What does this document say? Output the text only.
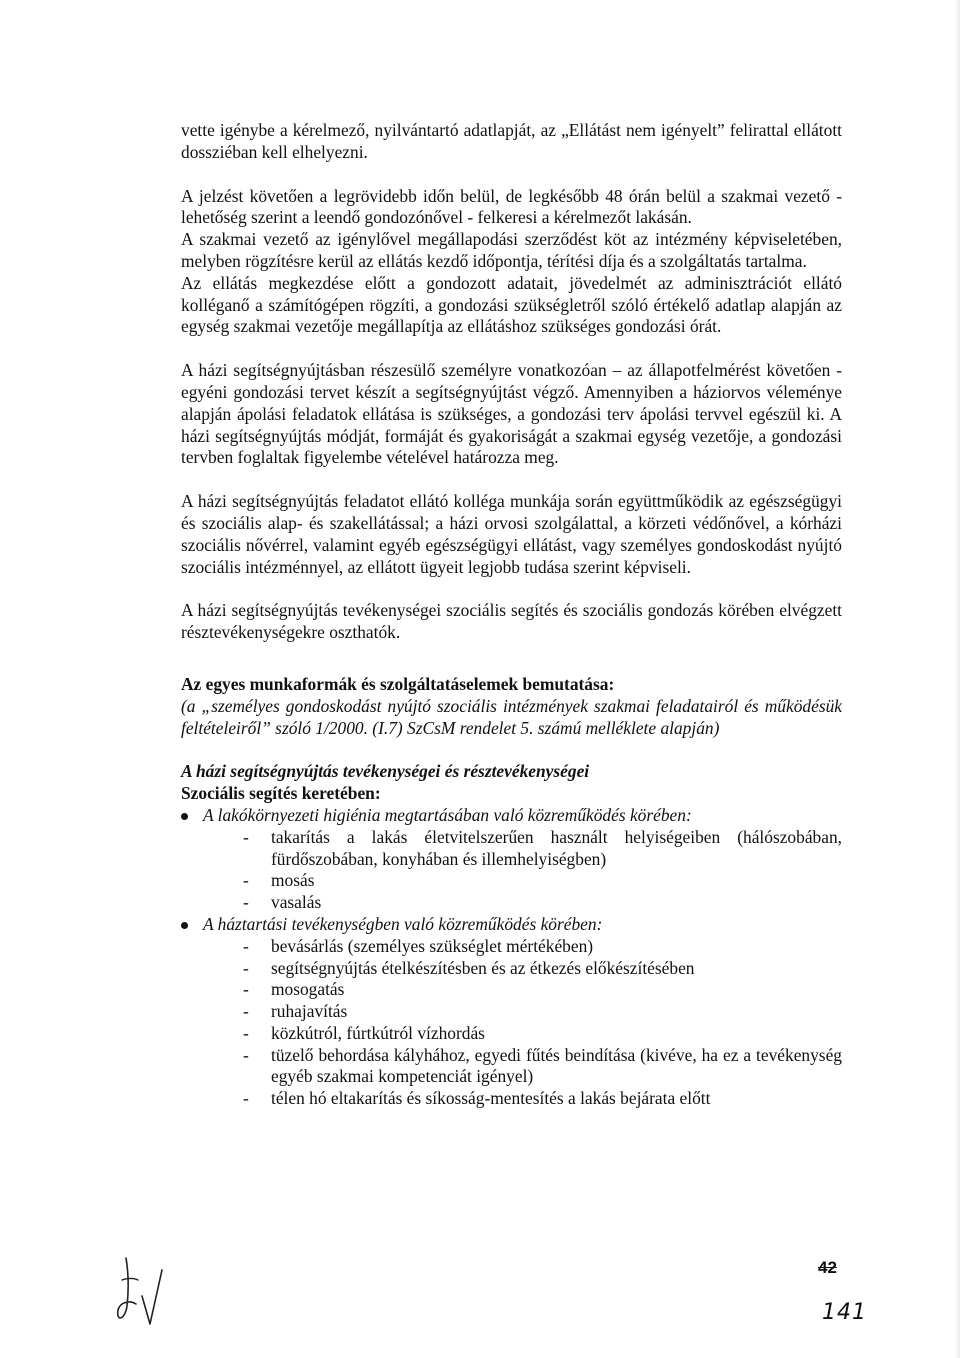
vette igénybe a kérelmező, nyilvántartó adatlapját, az „Ellátást nem igényelt” felirattal ellátott dossziéban kell elhelyezni.

A jelzést követően a legrövidebb időn belül, de legkésőbb 48 órán belül a szakmai vezető - lehetőség szerint a leendő gondozónővel - felkeresi a kérelmezőt lakásán.

A szakmai vezető az igénylővel megállapodási szerződést köt az intézmény képviseletében, melyben rögzítésre kerül az ellátás kezdő időpontja, térítési díja és a szolgáltatás tartalma.

Az ellátás megkezdése előtt a gondozott adatait, jövedelmét az adminisztrációt ellátó kolléganő a számítógépen rögzíti, a gondozási szükségletről szóló értékelő adatlap alapján az egység szakmai vezetője megállapítja az ellátáshoz szükséges gondozási órát.

A házi segítségnyújtásban részesülő személyre vonatkozóan – az állapotfelmérést követően - egyéni gondozási tervet készít a segítségnyújtást végző. Amennyiben a háziorvos véleménye alapján ápolási feladatok ellátása is szükséges, a gondozási terv ápolási tervvel egészül ki. A házi segítségnyújtás módját, formáját és gyakoriságát a szakmai egység vezetője, a gondozási tervben foglaltak figyelembe vételével határozza meg.

A házi segítségnyújtás feladatot ellátó kolléga munkája során együttműködik az egészségügyi és szociális alap- és szakellátással; a házi orvosi szolgálattal, a körzeti védőnővel, a kórházi szociális nővérrel, valamint egyéb egészségügyi ellátást, vagy személyes gondoskodást nyújtó szociális intézménnyel, az ellátott ügyeit legjobb tudása szerint képviseli.

A házi segítségnyújtás tevékenységei szociális segítés és szociális gondozás körében elvégzett résztevékenységekre oszthatók.

Az egyes munkaformák és szolgáltatáselemek bemutatása:

(a „személyes gondoskodást nyújtó szociális intézmények szakmai feladatairól és működésük feltételeiről” szóló 1/2000. (I.7) SzCsM rendelet 5. számú melléklete alapján)

A házi segítségnyújtás tevékenységei és résztevékenységei

Szociális segítés keretében:

A lakókörnyezeti higiénia megtartásában való közreműködés körében:
- takarítás a lakás életvitelszerűen használt helyiségeiben (hálószobában, fürdőszobában, konyhában és illemhelyiségben)
- mosás
- vasalás
A háztartási tevékenységben való közreműködés körében:
- bevásárlás (személyes szükséglet mértékében)
- segítségnyújtás ételkészítésben és az étkezés előkészítésében
- mosogatás
- ruhajavítás
- közkútról, fúrtkútról vízhordás
- tüzelő behordása kályhához, egyedi fűtés beindítása (kivéve, ha ez a tevékenység egyéb szakmai kompetenciát igényel)
- télen hó eltakarítás és síkosság-mentesítés a lakás bejárata előtt
42
141
